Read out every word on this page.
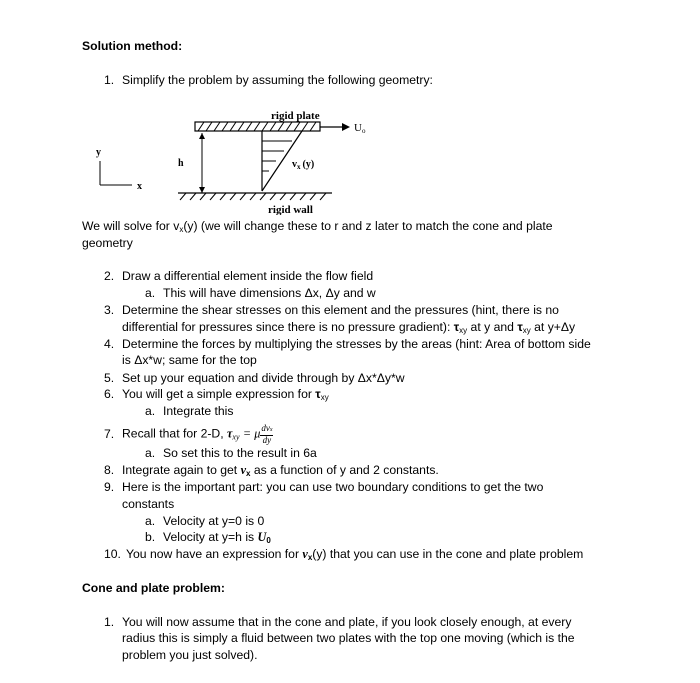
Solution method:
1. Simplify the problem by assuming the following geometry:
rigid plate
Uo
h	$v_x$ (y)
rigid wall
y
x
We will solve for $v_x(y)$ (we will change these to r and z later to match the cone and plate
geometry
2. Draw a differential element inside the flow field
a. This will have dimensions Δx, Δy and w
3. Determine the shear stresses on this element and the pressures (hint, there is no
differential for pressures since there is no pressure gradient): $\tau_{xy}$ at y and $\tau_{xy}$ at y+Δy
4. Determine the forces by multiplying the stresses by the areas (hint: Area of bottom side
is Δx*w; same for the top
5. Set up your equation and divide through by Δx*Δy*w
6. You will get a simple expression for $\tau_{xy}$
a. Integrate this
7. Recall that for 2-D, $\tau_{xy} = \mu \frac{\text{dvx}}{dy}$
a. So set this to the result in 6a
8. Integrate again to get $v_x$ as a function of y and 2 constants.
9. Here is the important part: you can use two boundary conditions to get the two
constants
a. Velocity at y=0 is 0
b. Velocity at y=h is $U_0$
10. You now have an expression for $v_x(y)$ that you can use in the cone and plate problem
Cone and plate problem:
1. You will now assume that in the cone and plate, if you look closely enough, at every
radius this is simply a fluid between two plates with the top one moving (which is the
problem you just solved).
